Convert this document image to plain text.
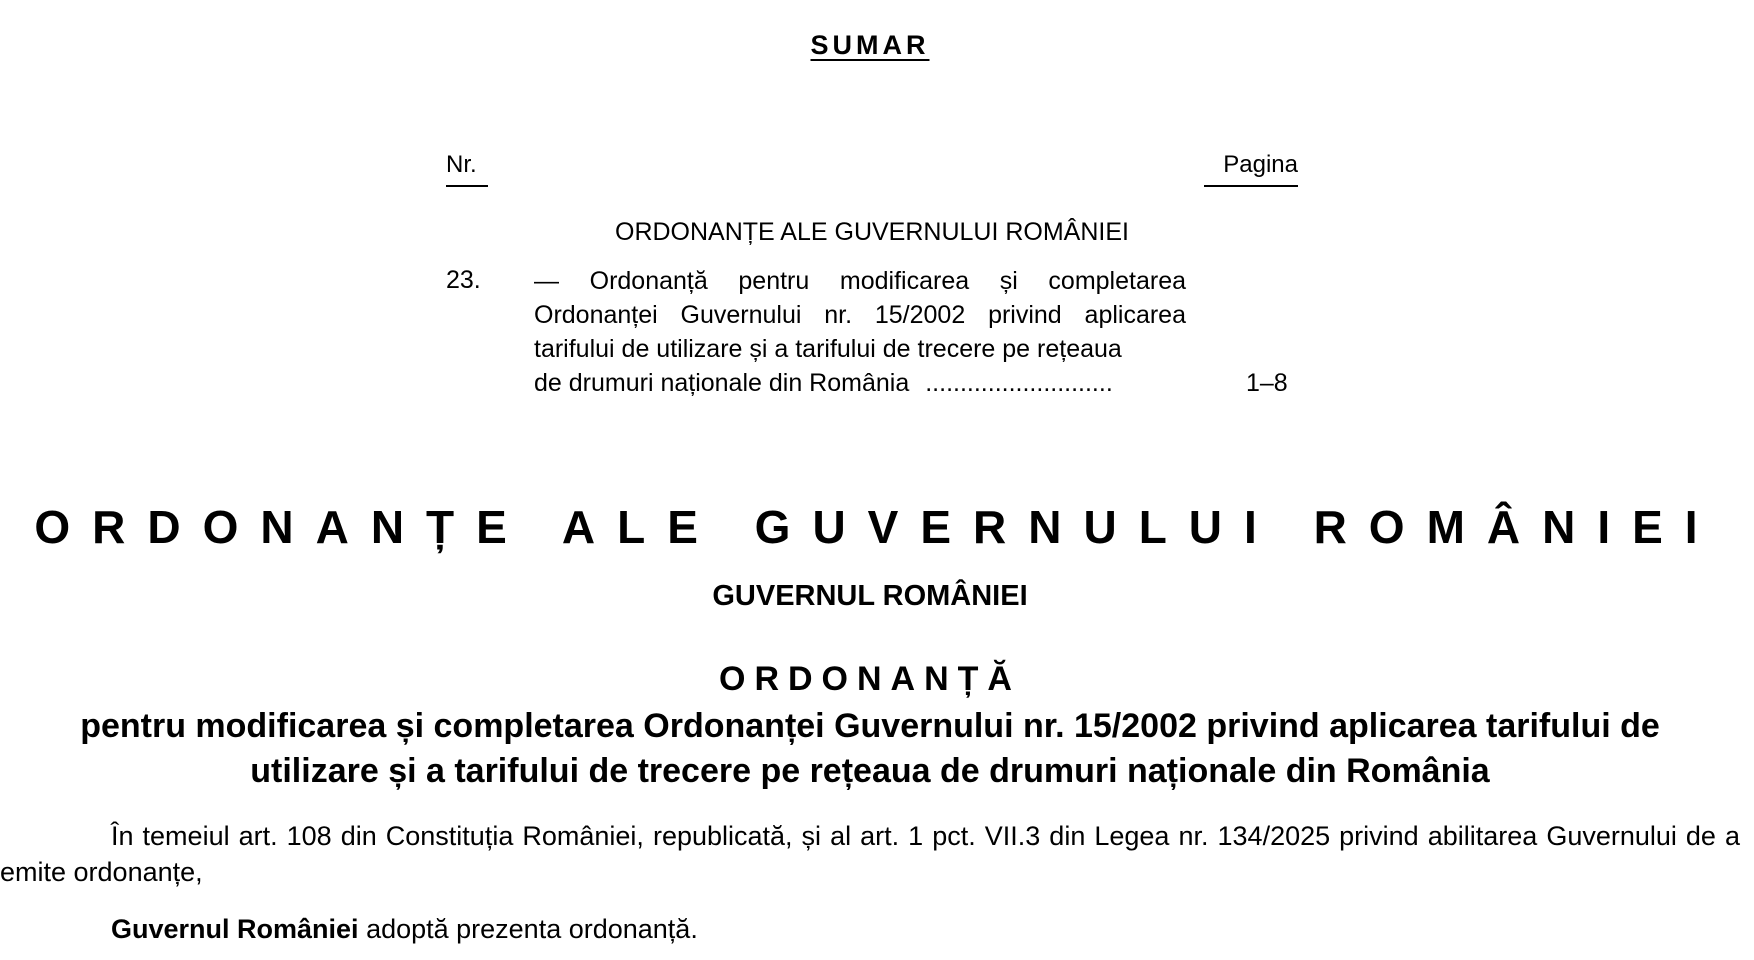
SUMAR
Nr.	Pagina
ORDONANȚE ALE GUVERNULUI ROMÂNIEI
23. — Ordonanță pentru modificarea și completarea Ordonanței Guvernului nr. 15/2002 privind aplicarea tarifului de utilizare și a tarifului de trecere pe rețeaua
de drumuri naționale din România ...........................	1–8
ORDONANȚE ALE GUVERNULUI ROMÂNIEI
GUVERNUL ROMÂNIEI
ORDONANȚĂ
pentru modificarea și completarea Ordonanței Guvernului nr. 15/2002 privind aplicarea tarifului de utilizare și a tarifului de trecere pe rețeaua de drumuri naționale din România
În temeiul art. 108 din Constituția României, republicată, și al art. 1 pct. VII.3 din Legea nr. 134/2025 privind abilitarea Guvernului de a emite ordonanțe,
Guvernul României adoptă prezenta ordonanță.
